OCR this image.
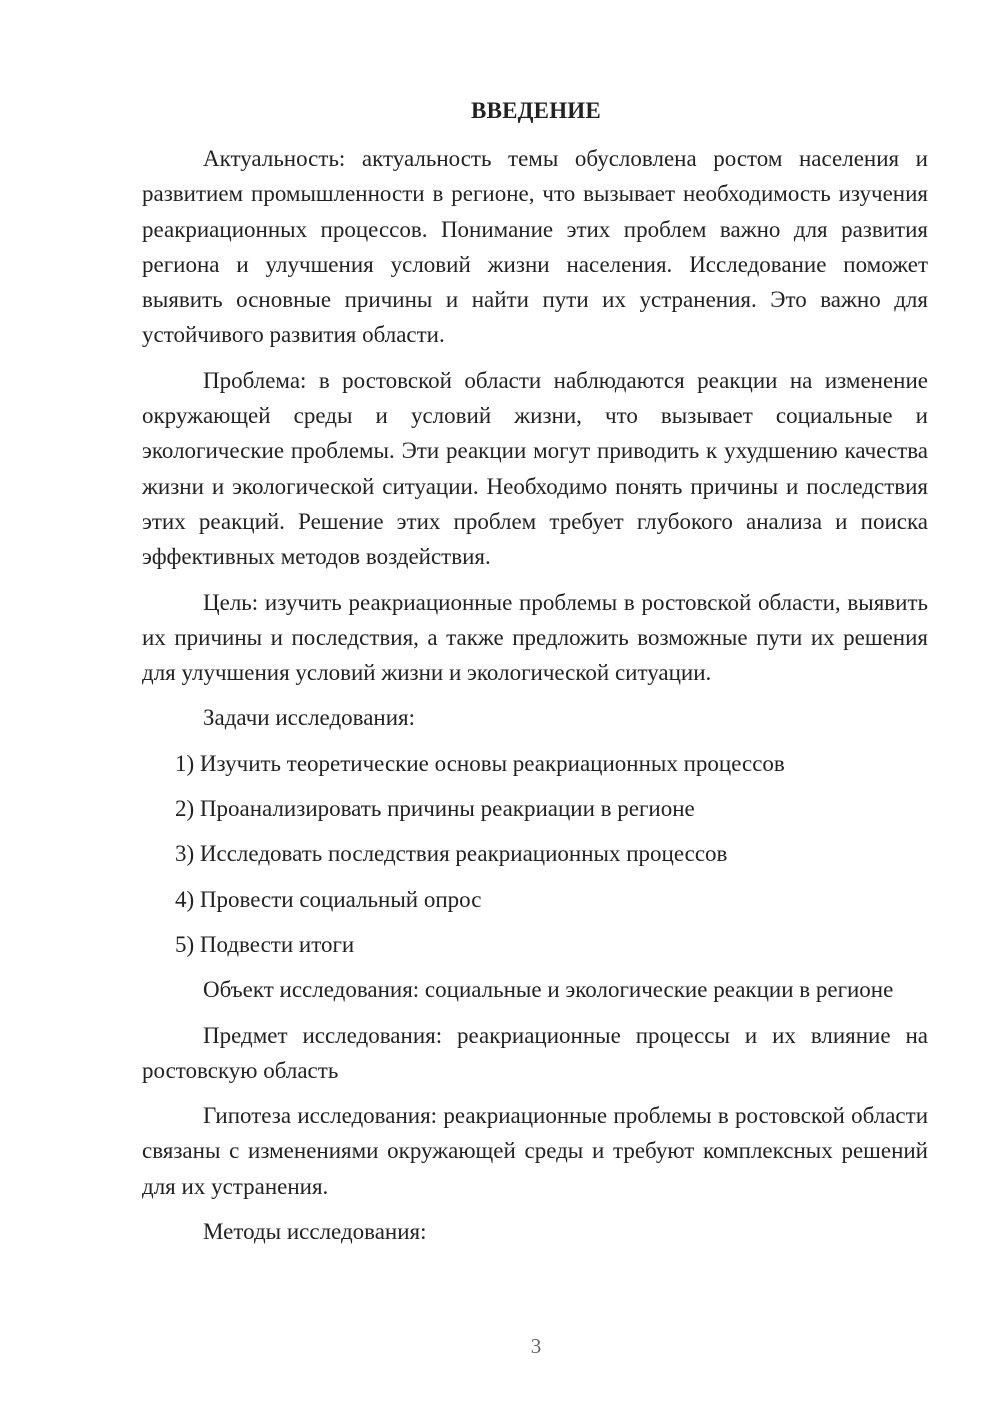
ВВЕДЕНИЕ

Актуальность: актуальность темы обусловлена ростом населения и развитием промышленности в регионе, что вызывает необходимость изучения реакриационных процессов. Понимание этих проблем важно для развития региона и улучшения условий жизни населения. Исследование поможет выявить основные причины и найти пути их устранения. Это важно для устойчивого развития области.

Проблема: в ростовской области наблюдаются реакции на изменение окружающей среды и условий жизни, что вызывает социальные и экологические проблемы. Эти реакции могут приводить к ухудшению качества жизни и экологической ситуации. Необходимо понять причины и последствия этих реакций. Решение этих проблем требует глубокого анализа и поиска эффективных методов воздействия.

Цель: изучить реакриационные проблемы в ростовской области, выявить их причины и последствия, а также предложить возможные пути их решения для улучшения условий жизни и экологической ситуации.

Задачи исследования:

1) Изучить теоретические основы реакриационных процессов

2) Проанализировать причины реакриации в регионе

3) Исследовать последствия реакриационных процессов

4) Провести социальный опрос

5) Подвести итоги

Объект исследования: социальные и экологические реакции в регионе

Предмет исследования: реакриационные процессы и их влияние на ростовскую область

Гипотеза исследования: реакриационные проблемы в ростовской области связаны с изменениями окружающей среды и требуют комплексных решений для их устранения.

Методы исследования:

3
